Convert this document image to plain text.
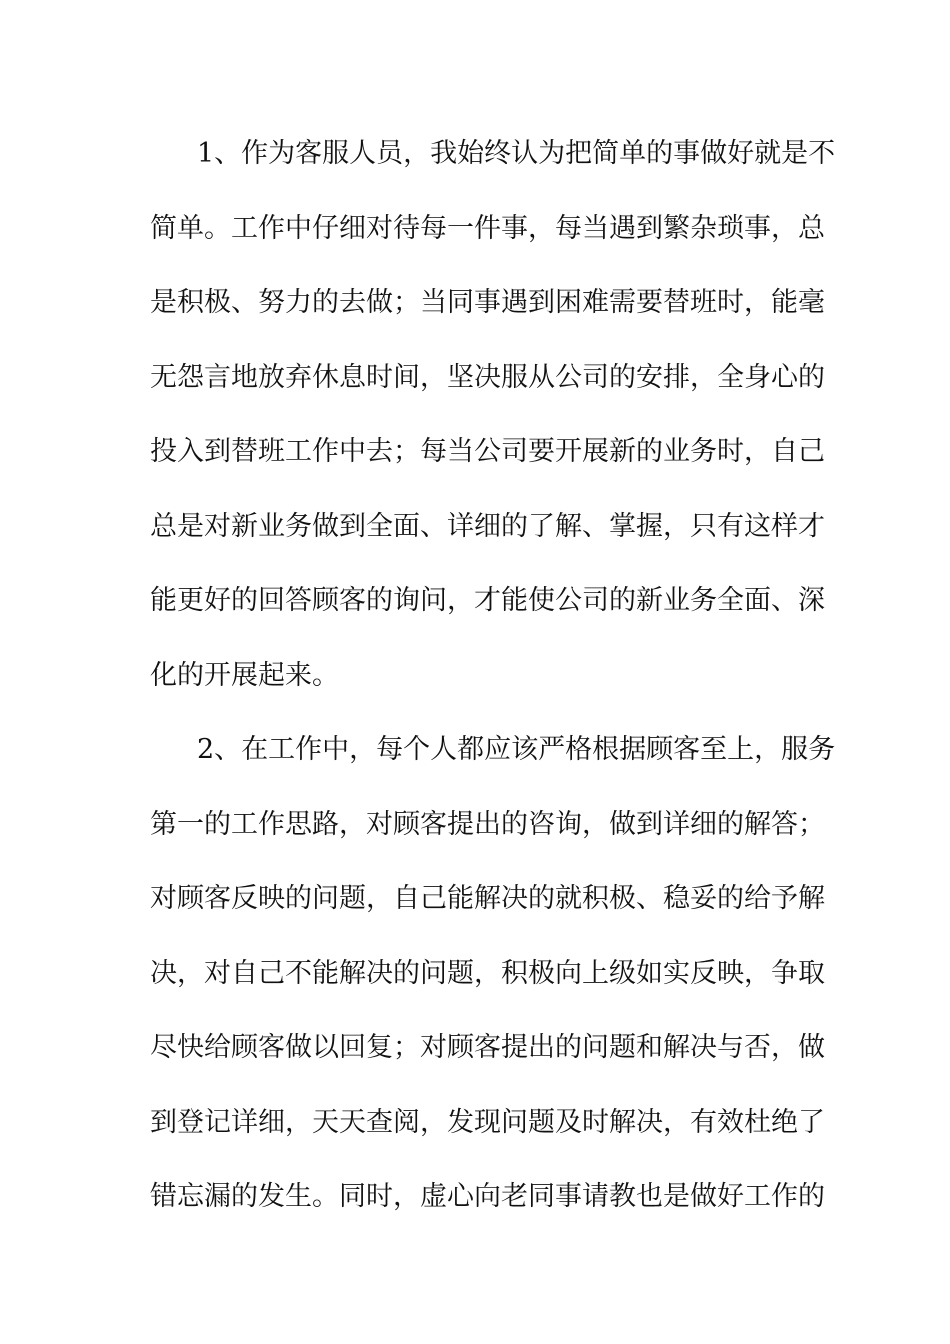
1、作为客服人员，我始终认为把简单的事做好就是不
简单。工作中仔细对待每一件事，每当遇到繁杂琐事，总
是积极、努力的去做；当同事遇到困难需要替班时，能毫
无怨言地放弃休息时间，坚决服从公司的安排，全身心的
投入到替班工作中去；每当公司要开展新的业务时，自己
总是对新业务做到全面、详细的了解、掌握，只有这样才
能更好的回答顾客的询问，才能使公司的新业务全面、深
化的开展起来。
2、在工作中，每个人都应该严格根据顾客至上，服务
第一的工作思路，对顾客提出的咨询，做到详细的解答；
对顾客反映的问题，自己能解决的就积极、稳妥的给予解
决，对自己不能解决的问题，积极向上级如实反映，争取
尽快给顾客做以回复；对顾客提出的问题和解决与否，做
到登记详细，天天查阅，发现问题及时解决，有效杜绝了
错忘漏的发生。同时，虚心向老同事请教也是做好工作的
